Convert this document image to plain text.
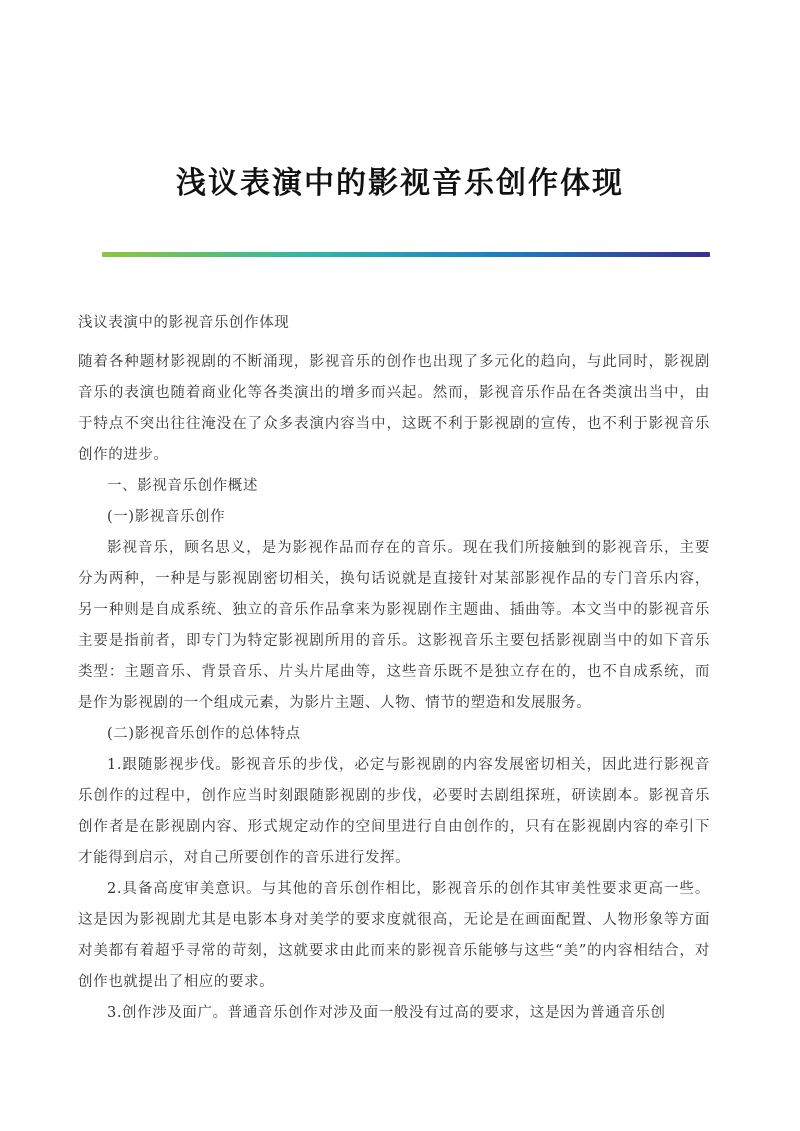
浅议表演中的影视音乐创作体现

浅议表演中的影视音乐创作体现

随着各种题材影视剧的不断涌现，影视音乐的创作也出现了多元化的趋向，与此同时，影视剧音乐的表演也随着商业化等各类演出的增多而兴起。然而，影视音乐作品在各类演出当中，由于特点不突出往往淹没在了众多表演内容当中，这既不利于影视剧的宣传，也不利于影视音乐创作的进步。

一、影视音乐创作概述

(一)影视音乐创作

影视音乐，顾名思义，是为影视作品而存在的音乐。现在我们所接触到的影视音乐，主要分为两种，一种是与影视剧密切相关，换句话说就是直接针对某部影视作品的专门音乐内容，另一种则是自成系统、独立的音乐作品拿来为影视剧作主题曲、插曲等。本文当中的影视音乐主要是指前者，即专门为特定影视剧所用的音乐。这影视音乐主要包括影视剧当中的如下音乐类型：主题音乐、背景音乐、片头片尾曲等，这些音乐既不是独立存在的，也不自成系统，而是作为影视剧的一个组成元素，为影片主题、人物、情节的塑造和发展服务。

(二)影视音乐创作的总体特点

1.跟随影视步伐。影视音乐的步伐，必定与影视剧的内容发展密切相关，因此进行影视音乐创作的过程中，创作应当时刻跟随影视剧的步伐，必要时去剧组探班，研读剧本。影视音乐创作者是在影视剧内容、形式规定动作的空间里进行自由创作的，只有在影视剧内容的牵引下才能得到启示，对自己所要创作的音乐进行发挥。

2.具备高度审美意识。与其他的音乐创作相比，影视音乐的创作其审美性要求更高一些。这是因为影视剧尤其是电影本身对美学的要求度就很高，无论是在画面配置、人物形象等方面对美都有着超乎寻常的苛刻，这就要求由此而来的影视音乐能够与这些“美”的内容相结合，对创作也就提出了相应的要求。

3.创作涉及面广。普通音乐创作对涉及面一般没有过高的要求，这是因为普通音乐创
